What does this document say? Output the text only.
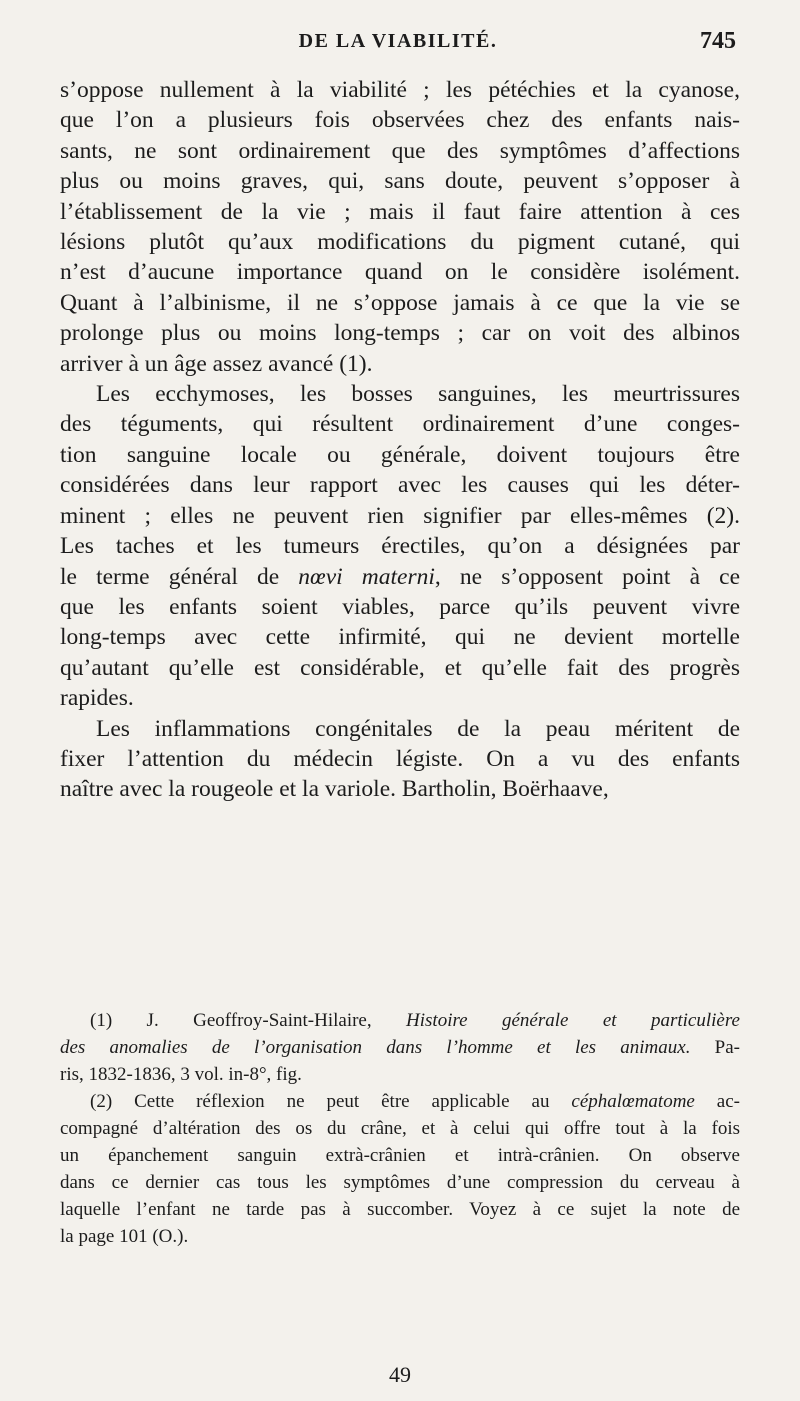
DE LA VIABILITÉ.	745
s’oppose nullement à la viabilité ; les pétéchies et la cyanose,
que l’on a plusieurs fois observées chez des enfants nais-
sants, ne sont ordinairement que des symptômes d’affections
plus ou moins graves, qui, sans doute, peuvent s’opposer à
l’établissement de la vie ; mais il faut faire attention à ces
lésions plutôt qu’aux modifications du pigment cutané, qui
n’est d’aucune importance quand on le considère isolément.
Quant à l’albinisme, il ne s’oppose jamais à ce que la vie se
prolonge plus ou moins long-temps ; car on voit des albinos
arriver à un âge assez avancé (1).
Les ecchymoses, les bosses sanguines, les meurtrissures
des téguments, qui résultent ordinairement d’une conges-
tion sanguine locale ou générale, doivent toujours être
considérées dans leur rapport avec les causes qui les déter-
minent ; elles ne peuvent rien signifier par elles-mêmes (2).
Les taches et les tumeurs érectiles, qu’on a désignées par
le terme général de nœvi materni, ne s’opposent point à ce
que les enfants soient viables, parce qu’ils peuvent vivre
long-temps avec cette infirmité, qui ne devient mortelle
qu’autant qu’elle est considérable, et qu’elle fait des progrès
rapides.
Les inflammations congénitales de la peau méritent de
fixer l’attention du médecin légiste. On a vu des enfants
naître avec la rougeole et la variole. Bartholin, Boërhaave,
(1) J. Geoffroy-Saint-Hilaire, Histoire générale et particulière
des anomalies de l’organisation dans l’homme et les animaux. Pa-
ris, 1832-1836, 3 vol. in-8°, fig.
(2) Cette réflexion ne peut être applicable au céphalœmatome ac-
compagné d’altération des os du crâne, et à celui qui offre tout à la fois
un épanchement sanguin extrà-crânien et intrà-crânien. On observe
dans ce dernier cas tous les symptômes d’une compression du cerveau à
laquelle l’enfant ne tarde pas à succomber. Voyez à ce sujet la note de
la page 101 (O.).
49
